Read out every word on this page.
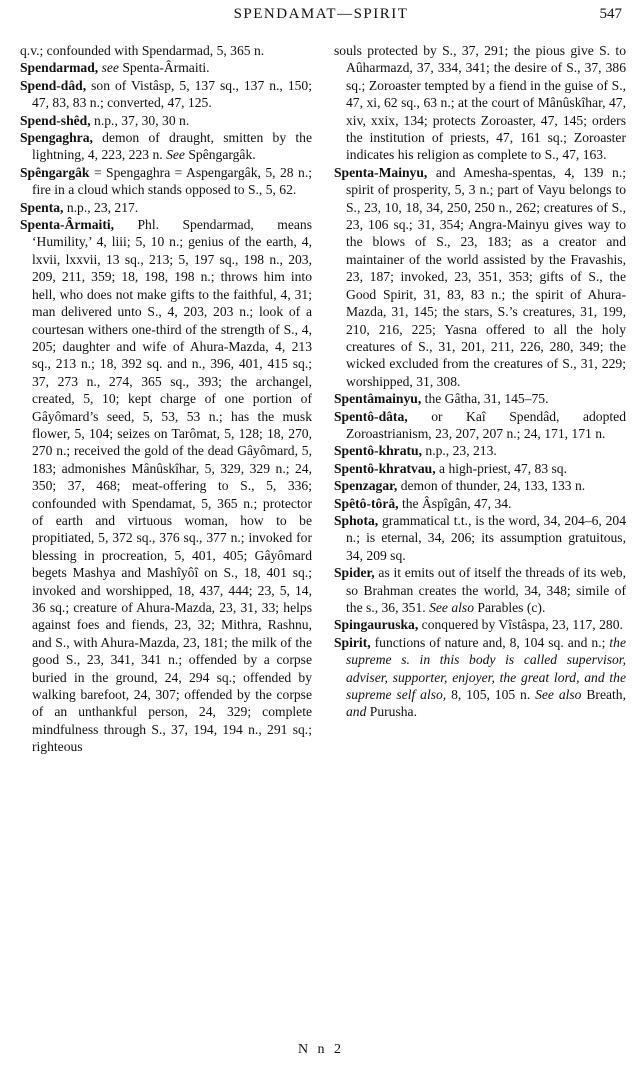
SPENDAMAT—SPIRIT	547

q.v.; confounded with Spendarmad, 5, 365 n.

Spendarmad, see Spenta-Ârmaiti.

Spend-dâd, son of Vistâsp, 5, 137 sq., 137 n., 150; 47, 83, 83 n.; converted, 47, 125.

Spend-shêd, n.p., 37, 30, 30 n.

Spengaghra, demon of draught, smitten by the lightning, 4, 223, 223 n. See Spêngargâk.

Spêngargâk = Spengaghra = Aspengargâk, 5, 28 n.; fire in a cloud which stands opposed to S., 5, 62.

Spenta, n.p., 23, 217.

Spenta-Ârmaiti, Phl. Spendarmad, means ‘Humility,’ 4, liii; 5, 10 n.; genius of the earth, 4, lxvii, lxxvii, 13 sq., 213; 5, 197 sq., 198 n., 203, 209, 211, 359; 18, 198, 198 n.; throws him into hell, who does not make gifts to the faithful, 4, 31; man delivered unto S., 4, 203, 203 n.; look of a courtesan withers one-third of the strength of S., 4, 205; daughter and wife of Ahura-Mazda, 4, 213 sq., 213 n.; 18, 392 sq. and n., 396, 401, 415 sq.; 37, 273 n., 274, 365 sq., 393; the archangel, created, 5, 10; kept charge of one portion of Gâyômard’s seed, 5, 53, 53 n.; has the musk flower, 5, 104; seizes on Tarômat, 5, 128; 18, 270, 270 n.; received the gold of the dead Gâyômard, 5, 183; admonishes Mânûskîhar, 5, 329, 329 n.; 24, 350; 37, 468; meat-offering to S., 5, 336; confounded with Spendamat, 5, 365 n.; protector of earth and virtuous woman, how to be propitiated, 5, 372 sq., 376 sq., 377 n.; invoked for blessing in procreation, 5, 401, 405; Gâyômard begets Mashya and Mashîyôî on S., 18, 401 sq.; invoked and worshipped, 18, 437, 444; 23, 5, 14, 36 sq.; creature of Ahura-Mazda, 23, 31, 33; helps against foes and fiends, 23, 32; Mithra, Rashnu, and S., with Ahura-Mazda, 23, 181; the milk of the good S., 23, 341, 341 n.; offended by a corpse buried in the ground, 24, 294 sq.; offended by walking barefoot, 24, 307; offended by the corpse of an unthankful person, 24, 329; complete mindfulness through S., 37, 194, 194 n., 291 sq.; righteous

souls protected by S., 37, 291; the pious give S. to Aûharmazd, 37, 334, 341; the desire of S., 37, 386 sq.; Zoroaster tempted by a fiend in the guise of S., 47, xi, 62 sq., 63 n.; at the court of Mânûskîhar, 47, xiv, xxix, 134; protects Zoroaster, 47, 145; orders the institution of priests, 47, 161 sq.; Zoroaster indicates his religion as complete to S., 47, 163.

Spenta-Mainyu, and Amesha-spentas, 4, 139 n.; spirit of prosperity, 5, 3 n.; part of Vayu belongs to S., 23, 10, 18, 34, 250, 250 n., 262; creatures of S., 23, 106 sq.; 31, 354; Angra-Mainyu gives way to the blows of S., 23, 183; as a creator and maintainer of the world assisted by the Fravashis, 23, 187; invoked, 23, 351, 353; gifts of S., the Good Spirit, 31, 83, 83 n.; the spirit of Ahura-Mazda, 31, 145; the stars, S.’s creatures, 31, 199, 210, 216, 225; Yasna offered to all the holy creatures of S., 31, 201, 211, 226, 280, 349; the wicked excluded from the creatures of S., 31, 229; worshipped, 31, 308.

Spentâmainyu, the Gâtha, 31, 145–75.

Spentô-dâta, or Kaî Spendâd, adopted Zoroastrianism, 23, 207, 207 n.; 24, 171, 171 n.

Spentô-khratu, n.p., 23, 213.

Spentô-khratvau, a high-priest, 47, 83 sq.

Spenzagar, demon of thunder, 24, 133, 133 n.

Spêtô-tôrâ, the Âspîgân, 47, 34.

Sphota, grammatical t.t., is the word, 34, 204–6, 204 n.; is eternal, 34, 206; its assumption gratuitous, 34, 209 sq.

Spider, as it emits out of itself the threads of its web, so Brahman creates the world, 34, 348; simile of the s., 36, 351. See also Parables (c).

Spingauruska, conquered by Vîstâspa, 23, 117, 280.

Spirit, functions of nature and, 8, 104 sq. and n.; the supreme s. in this body is called supervisor, adviser, supporter, enjoyer, the great lord, and the supreme self also, 8, 105, 105 n. See also Breath, and Purusha.

N n 2
